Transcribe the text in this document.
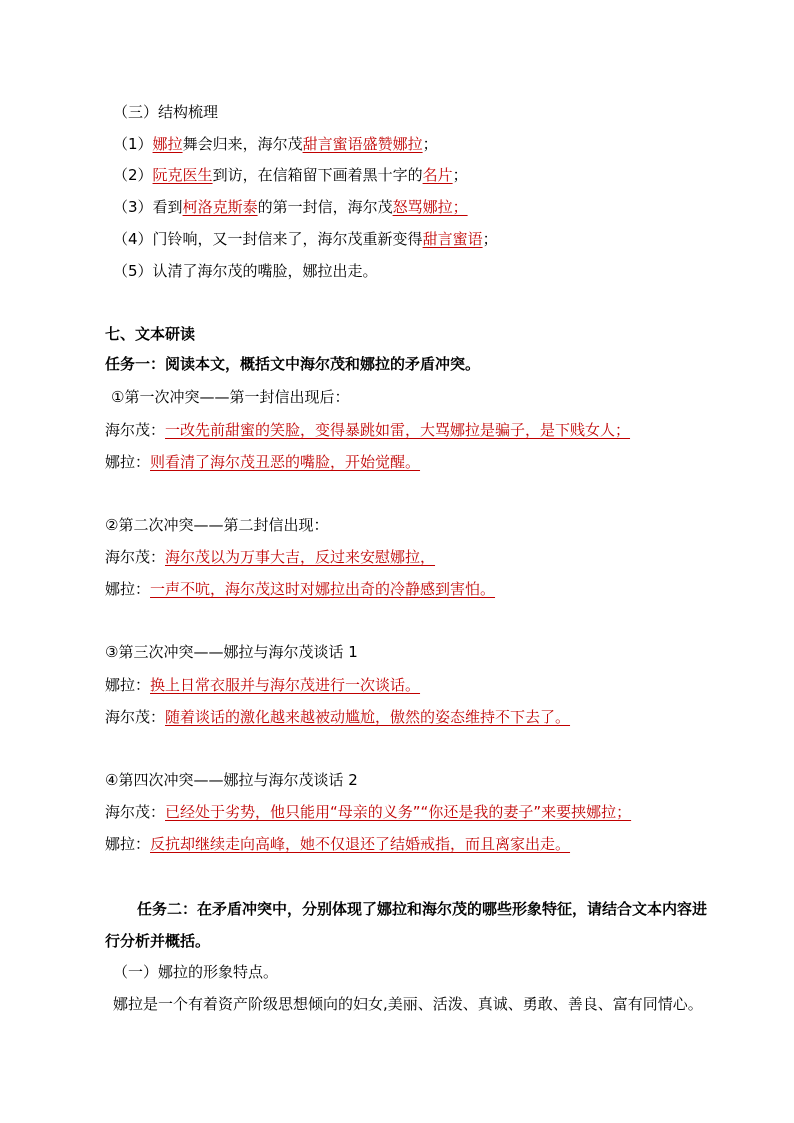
（三）结构梳理
（1）娜拉舞会归来，海尔茂甜言蜜语盛赞娜拉；
（2）阮克医生到访，在信箱留下画着黑十字的名片；
（3）看到柯洛克斯泰的第一封信，海尔茂怒骂娜拉；
（4）门铃响，又一封信来了，海尔茂重新变得甜言蜜语；
（5）认清了海尔茂的嘴脸，娜拉出走。
七、文本研读
任务一：阅读本文，概括文中海尔茂和娜拉的矛盾冲突。
①第一次冲突——第一封信出现后：
海尔茂：一改先前甜蜜的笑脸，变得暴跳如雷，大骂娜拉是骗子，是下贱女人；
娜拉：则看清了海尔茂丑恶的嘴脸，开始觉醒。
②第二次冲突——第二封信出现：
海尔茂：海尔茂以为万事大吉，反过来安慰娜拉，
娜拉：一声不吭，海尔茂这时对娜拉出奇的冷静感到害怕。
③第三次冲突——娜拉与海尔茂谈话 1
娜拉：换上日常衣服并与海尔茂进行一次谈话。
海尔茂：随着谈话的激化越来越被动尴尬，傲然的姿态维持不下去了。
④第四次冲突——娜拉与海尔茂谈话 2
海尔茂：已经处于劣势，他只能用“母亲的义务”“你还是我的妻子”来要挟娜拉；
娜拉：反抗却继续走向高峰，她不仅退还了结婚戒指，而且离家出走。
任务二：在矛盾冲突中，分别体现了娜拉和海尔茂的哪些形象特征，请结合文本内容进
行分析并概括。
（一）娜拉的形象特点。
娜拉是一个有着资产阶级思想倾向的妇女,美丽、活泼、真诚、勇敢、善良、富有同情心。
